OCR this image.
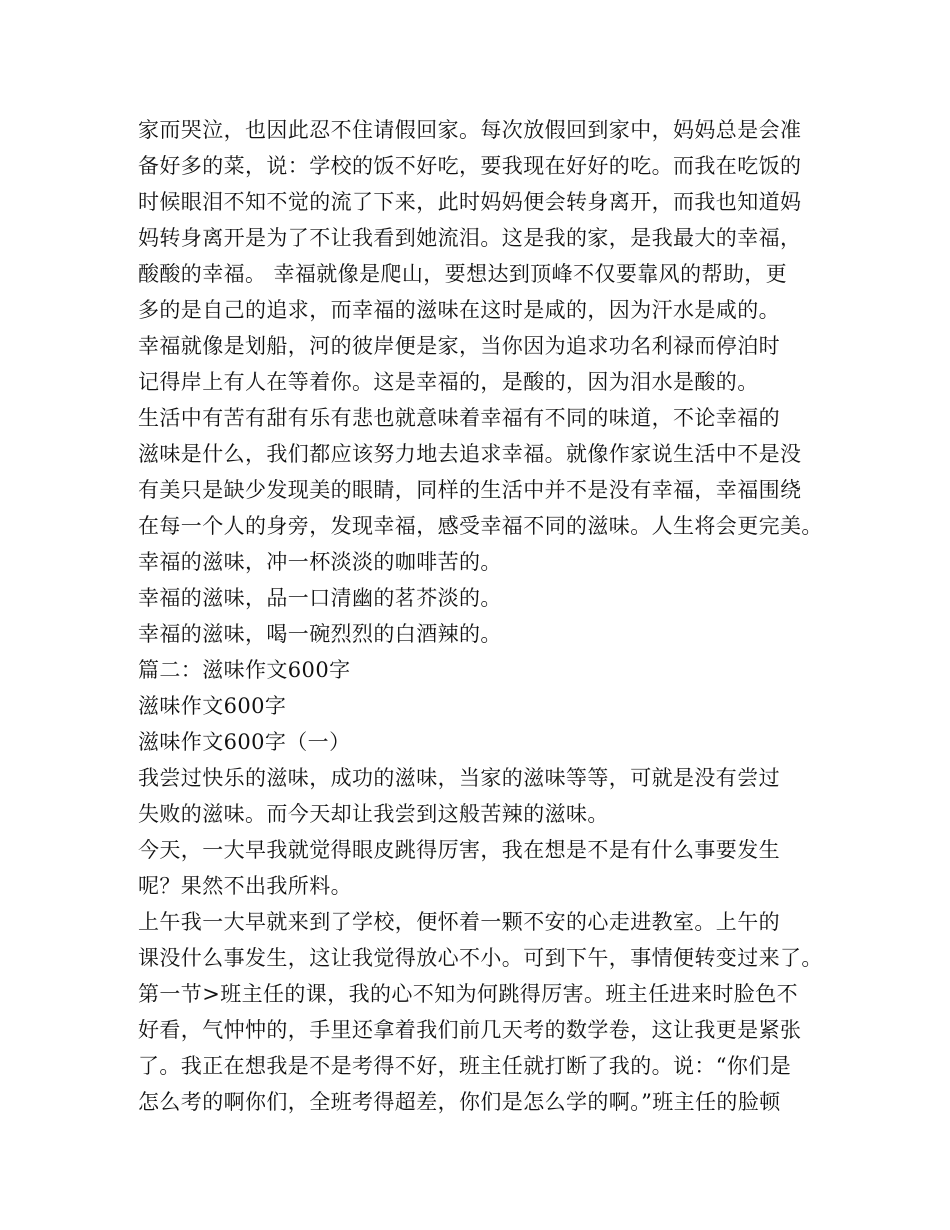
家而哭泣，也因此忍不住请假回家。每次放假回到家中，妈妈总是会准
备好多的菜，说：学校的饭不好吃，要我现在好好的吃。而我在吃饭的
时候眼泪不知不觉的流了下来，此时妈妈便会转身离开，而我也知道妈
妈转身离开是为了不让我看到她流泪。这是我的家，是我最大的幸福，
酸酸的幸福。 幸福就像是爬山，要想达到顶峰不仅要靠风的帮助，更
多的是自己的追求，而幸福的滋味在这时是咸的，因为汗水是咸的。
幸福就像是划船，河的彼岸便是家，当你因为追求功名利禄而停泊时
记得岸上有人在等着你。这是幸福的，是酸的，因为泪水是酸的。
生活中有苦有甜有乐有悲也就意味着幸福有不同的味道，不论幸福的
滋味是什么，我们都应该努力地去追求幸福。就像作家说生活中不是没
有美只是缺少发现美的眼睛，同样的生活中并不是没有幸福，幸福围绕
在每一个人的身旁，发现幸福，感受幸福不同的滋味。人生将会更完美。
幸福的滋味，冲一杯淡淡的咖啡苦的。
幸福的滋味，品一口清幽的茗芥淡的。
幸福的滋味，喝一碗烈烈的白酒辣的。
篇二：滋味作文600字
滋味作文600字
滋味作文600字（一）
我尝过快乐的滋味，成功的滋味，当家的滋味等等，可就是没有尝过
失败的滋味。而今天却让我尝到这般苦辣的滋味。
今天，一大早我就觉得眼皮跳得厉害，我在想是不是有什么事要发生
呢？果然不出我所料。
上午我一大早就来到了学校，便怀着一颗不安的心走进教室。上午的
课没什么事发生，这让我觉得放心不小。可到下午，事情便转变过来了。
第一节>班主任的课，我的心不知为何跳得厉害。班主任进来时脸色不
好看，气忡忡的，手里还拿着我们前几天考的数学卷，这让我更是紧张
了。我正在想我是不是考得不好，班主任就打断了我的。说：“你们是
怎么考的啊你们，全班考得超差，你们是怎么学的啊。”班主任的脸顿
